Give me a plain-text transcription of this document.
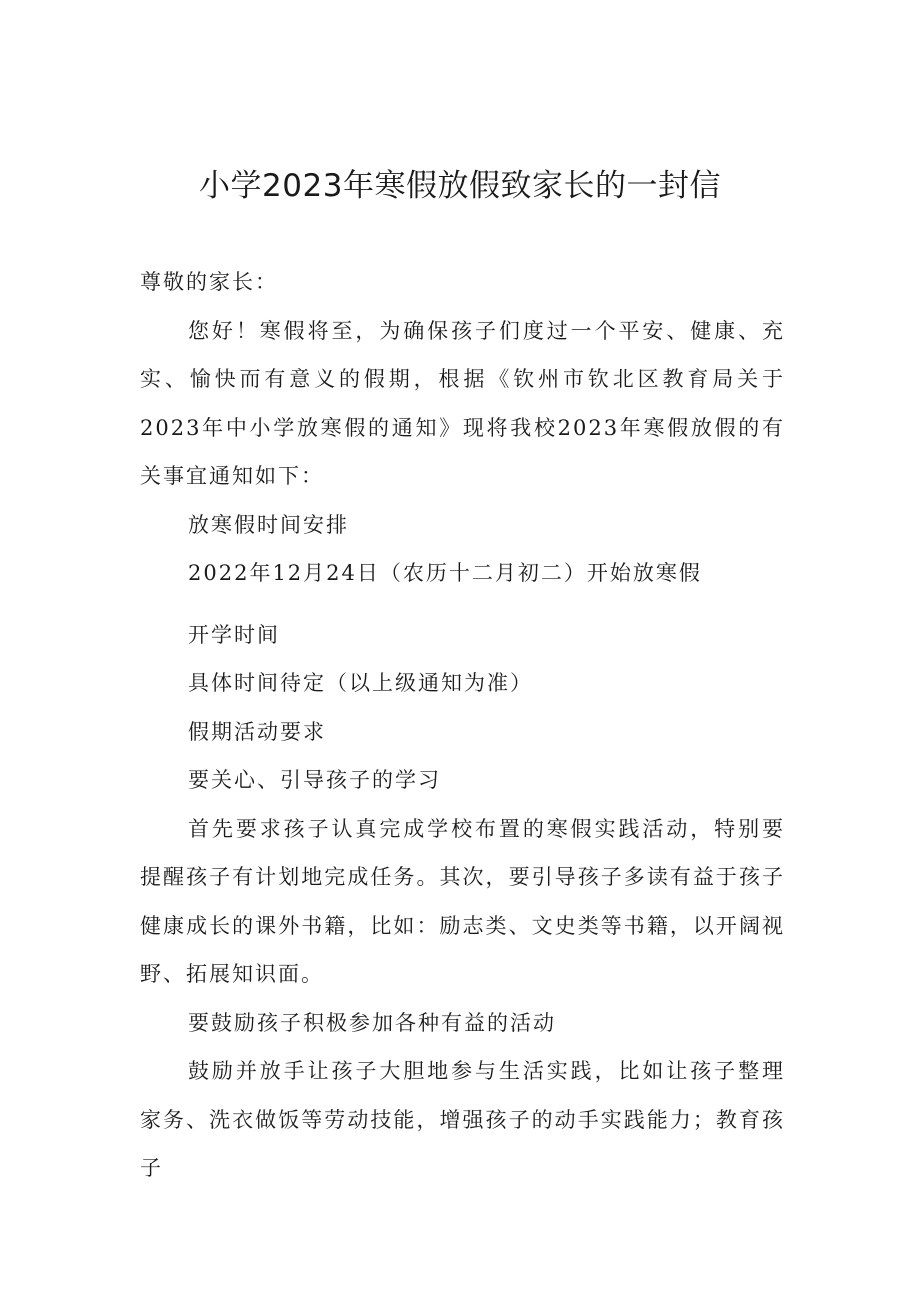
小学2023年寒假放假致家长的一封信

尊敬的家长：

您好！寒假将至，为确保孩子们度过一个平安、健康、充实、愉快而有意义的假期，根据《钦州市钦北区教育局关于2023年中小学放寒假的通知》现将我校2023年寒假放假的有关事宜通知如下：

放寒假时间安排

2022年12月24日（农历十二月初二）开始放寒假

开学时间

具体时间待定（以上级通知为准）

假期活动要求

要关心、引导孩子的学习

首先要求孩子认真完成学校布置的寒假实践活动，特别要提醒孩子有计划地完成任务。其次，要引导孩子多读有益于孩子健康成长的课外书籍，比如：励志类、文史类等书籍，以开阔视野、拓展知识面。

要鼓励孩子积极参加各种有益的活动

鼓励并放手让孩子大胆地参与生活实践，比如让孩子整理家务、洗衣做饭等劳动技能，增强孩子的动手实践能力；教育孩子
